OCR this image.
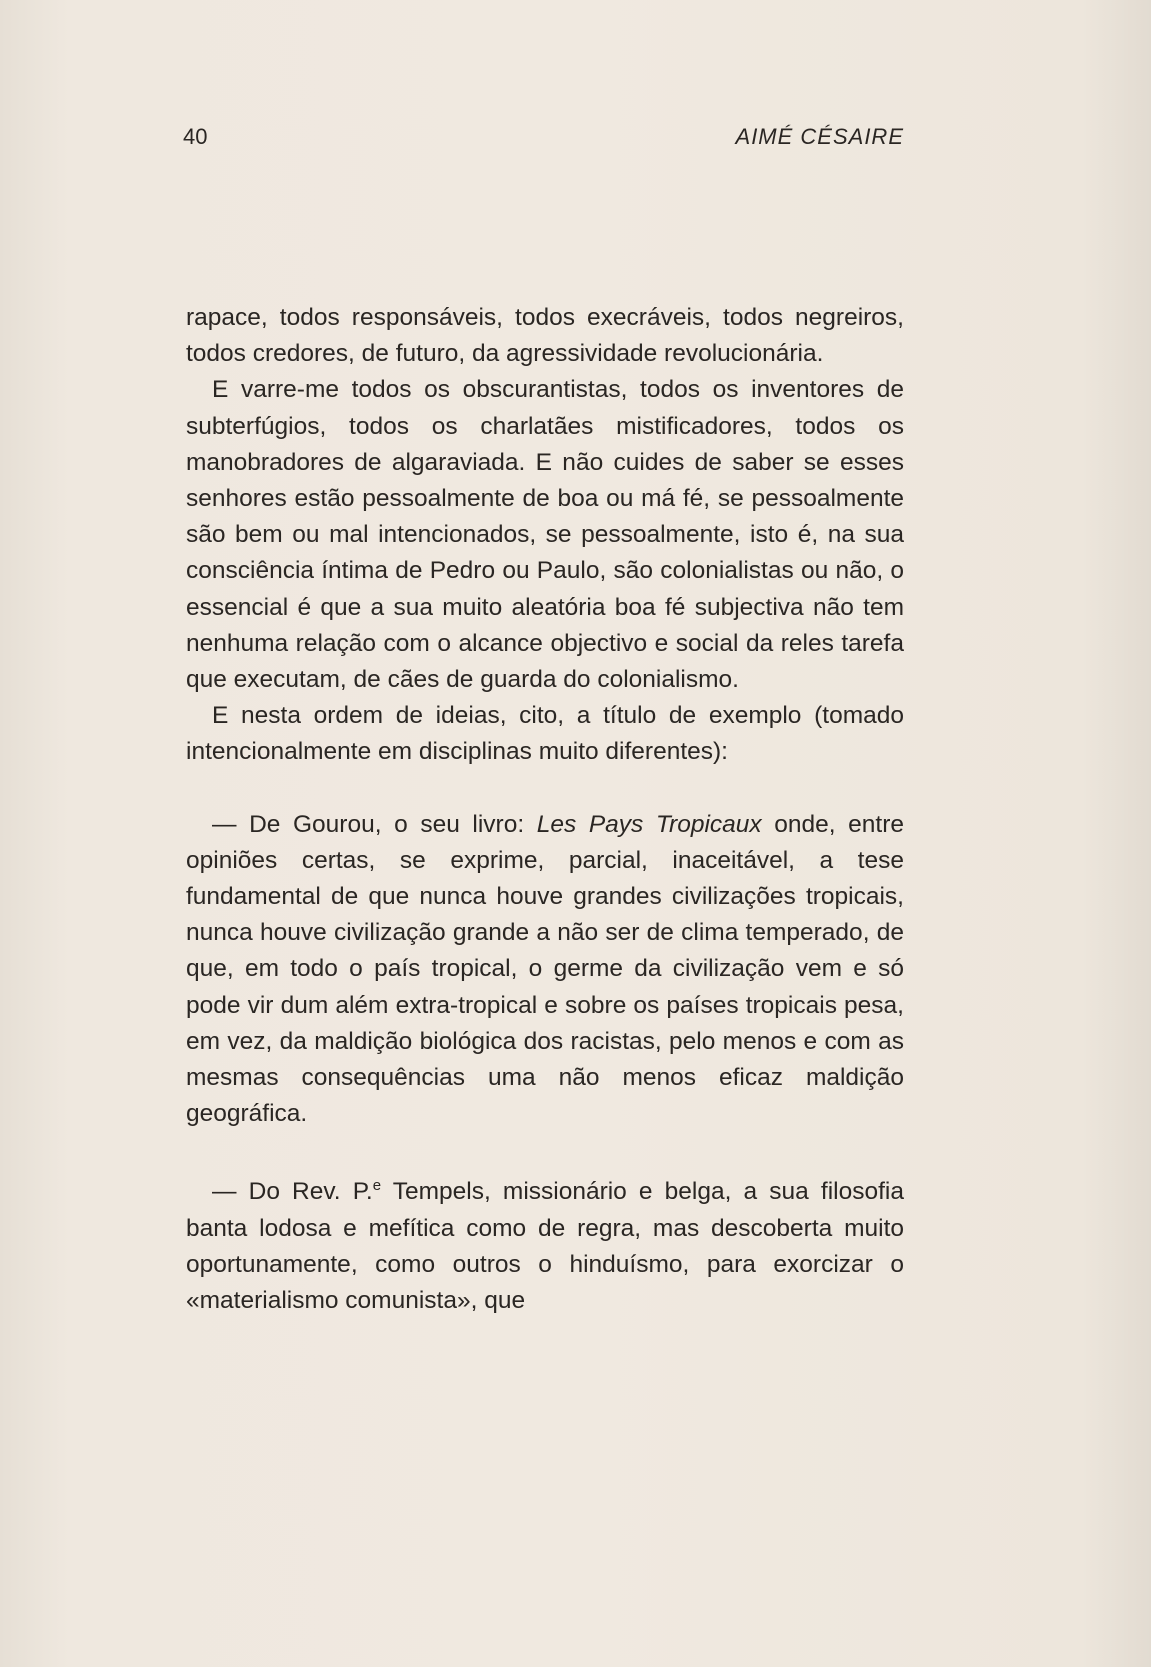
40	AIMÉ CÉSAIRE

rapace, todos responsáveis, todos execráveis, todos negreiros, todos credores, de futuro, da agressividade revolucionária.

E varre-me todos os obscurantistas, todos os inventores de subterfúgios, todos os charlatães mistificadores, todos os manobradores de algaraviada. E não cuides de saber se esses senhores estão pessoalmente de boa ou má fé, se pessoalmente são bem ou mal intencionados, se pessoalmente, isto é, na sua consciência íntima de Pedro ou Paulo, são colonialistas ou não, o essencial é que a sua muito aleatória boa fé subjectiva não tem nenhuma relação com o alcance objectivo e social da reles tarefa que executam, de cães de guarda do colonialismo.

E nesta ordem de ideias, cito, a título de exemplo (tomado intencionalmente em disciplinas muito diferentes):

— De Gourou, o seu livro: Les Pays Tropicaux onde, entre opiniões certas, se exprime, parcial, inaceitável, a tese fundamental de que nunca houve grandes civilizações tropicais, nunca houve civilização grande a não ser de clima temperado, de que, em todo o país tropical, o germe da civilização vem e só pode vir dum além extra-tropical e sobre os países tropicais pesa, em vez, da maldição biológica dos racistas, pelo menos e com as mesmas consequências uma não menos eficaz maldição geográfica.

— Do Rev. P.$^e$ Tempels, missionário e belga, a sua filosofia banta lodosa e mefítica como de regra, mas descoberta muito oportunamente, como outros o hinduísmo, para exorcizar o «materialismo comunista», que
